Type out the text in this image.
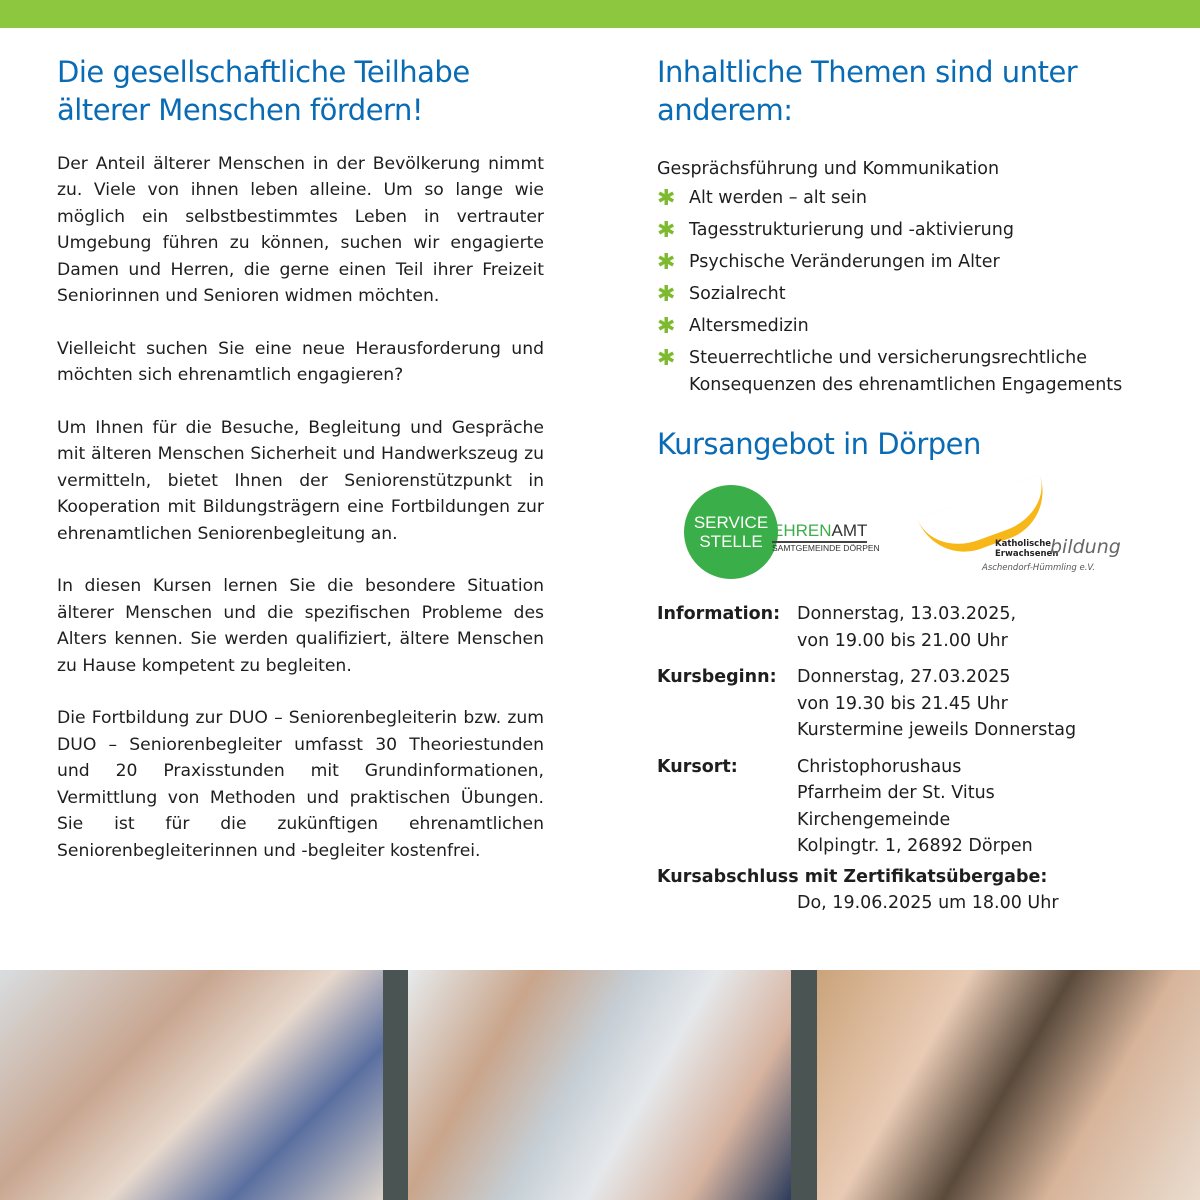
Die gesellschaftliche Teilhabe
älterer Menschen fördern!

Der Anteil älterer Menschen in der Bevölkerung nimmt zu. Viele von ihnen leben alleine. Um so lange wie möglich ein selbstbestimmtes Leben in vertrauter Umgebung führen zu können, suchen wir engagierte Damen und Herren, die gerne einen Teil ihrer Freizeit Seniorinnen und Senioren widmen möchten.

Vielleicht suchen Sie eine neue Herausforderung und möchten sich ehrenamtlich engagieren?

Um Ihnen für die Besuche, Begleitung und Gespräche mit älteren Menschen Sicherheit und Handwerkszeug zu vermitteln, bietet Ihnen der Seniorenstützpunkt in Kooperation mit Bildungsträgern eine Fortbildungen zur ehrenamtlichen Seniorenbegleitung an.

In diesen Kursen lernen Sie die besondere Situation älterer Menschen und die spezifischen Probleme des Alters kennen. Sie werden qualifiziert, ältere Menschen zu Hause kompetent zu begleiten.

Die Fortbildung zur DUO – Seniorenbegleiterin bzw. zum DUO – Seniorenbegleiter umfasst 30 Theoriestunden und 20 Praxisstunden mit Grundinformationen, Vermittlung von Methoden und praktischen Übungen. Sie ist für die zukünftigen ehrenamtlichen Seniorenbegleiterinnen und -begleiter kostenfrei.

Inhaltliche Themen sind unter
anderem:
Gesprächsführung und Kommunikation
✱ Alt werden – alt sein
✱ Tagesstrukturierung und -aktivierung
✱ Psychische Veränderungen im Alter
✱ Sozialrecht
✱ Altersmedizin
✱ Steuerrechtliche und versicherungsrechtliche Konsequenzen des ehrenamtlichen Engagements
Kursangebot in Dörpen
SERVICE
STELLE
EHRENAMT
SAMTGEMEINDE DÖRPEN	Katholische
Erwachsenen
bildung
Aschendorf-Hümmling e.V.
Information: Donnerstag, 13.03.2025,
von 19.00 bis 21.00 Uhr
Kursbeginn:	Donnerstag, 27.03.2025
von 19.30 bis 21.45 Uhr
Kurstermine jeweils Donnerstag
Kursort:	Christophorushaus
Pfarrheim der St. Vitus
Kirchengemeinde
Kolpingtr. 1, 26892 Dörpen
Kursabschluss mit Zertifikatsübergabe:
Do, 19.06.2025 um 18.00 Uhr
